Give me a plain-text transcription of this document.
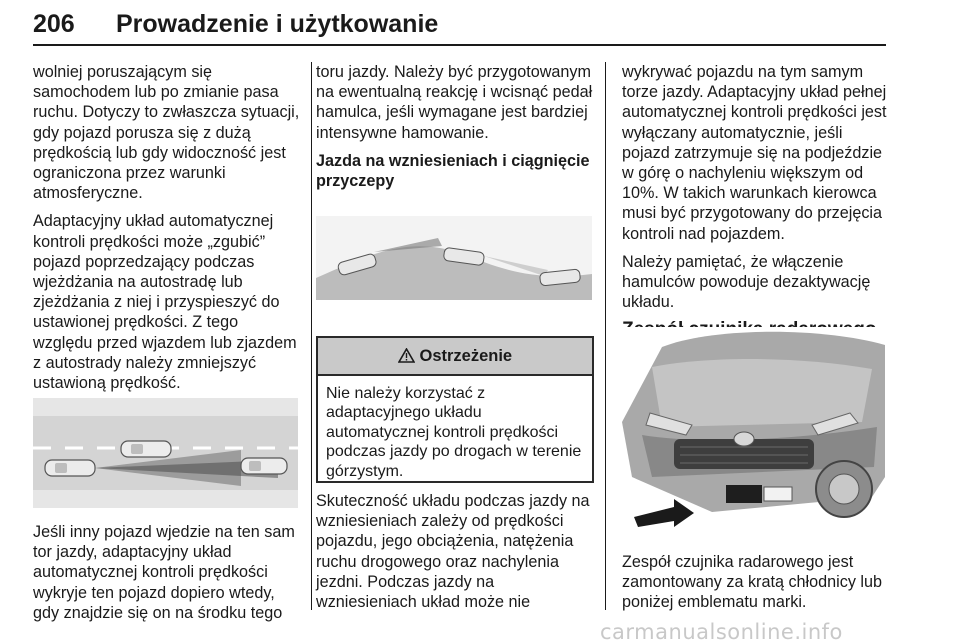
206 Prowadzenie i użytkowanie

wolniej poruszającym się samochodem lub po zmianie pasa ruchu. Dotyczy to zwłaszcza sytuacji, gdy pojazd porusza się z dużą prędkością lub gdy widoczność jest ograniczona przez warunki atmosferyczne.

Adaptacyjny układ automatycznej kontroli prędkości może „zgubić” pojazd poprzedzający podczas wjeżdżania na autostradę lub zjeżdżania z niej i przyspieszyć do ustawionej prędkości. Z tego względu przed wjazdem lub zjazdem z autostrady należy zmniejszyć ustawioną prędkość.

Jeśli inny pojazd wjedzie na ten sam tor jazdy, adaptacyjny układ automatycznej kontroli prędkości wykryje ten pojazd dopiero wtedy, gdy znajdzie się on na środku tego

toru jazdy. Należy być przygotowanym na ewentualną reakcję i wcisnąć pedał hamulca, jeśli wymagane jest bardziej intensywne hamowanie.

Jazda na wzniesieniach i ciągnięcie przyczepy

Ostrzeżenie
Nie należy korzystać z adaptacyjnego układu automatycznej kontroli prędkości podczas jazdy po drogach w terenie górzystym.

Skuteczność układu podczas jazdy na wzniesieniach zależy od prędkości pojazdu, jego obciążenia, natężenia ruchu drogowego oraz nachylenia jezdni. Podczas jazdy na wzniesieniach układ może nie

wykrywać pojazdu na tym samym torze jazdy. Adaptacyjny układ pełnej automatycznej kontroli prędkości jest wyłączany automatycznie, jeśli pojazd zatrzymuje się na podjeździe w górę o nachyleniu większym od 10%. W takich warunkach kierowca musi być przygotowany do przejęcia kontroli nad pojazdem.

Należy pamiętać, że włączenie hamulców powoduje dezaktywację układu.

Zespół czujnika radarowego jest zamontowany za kratą chłodnicy lub poniżej emblematu marki.

carmanualsonline.info
